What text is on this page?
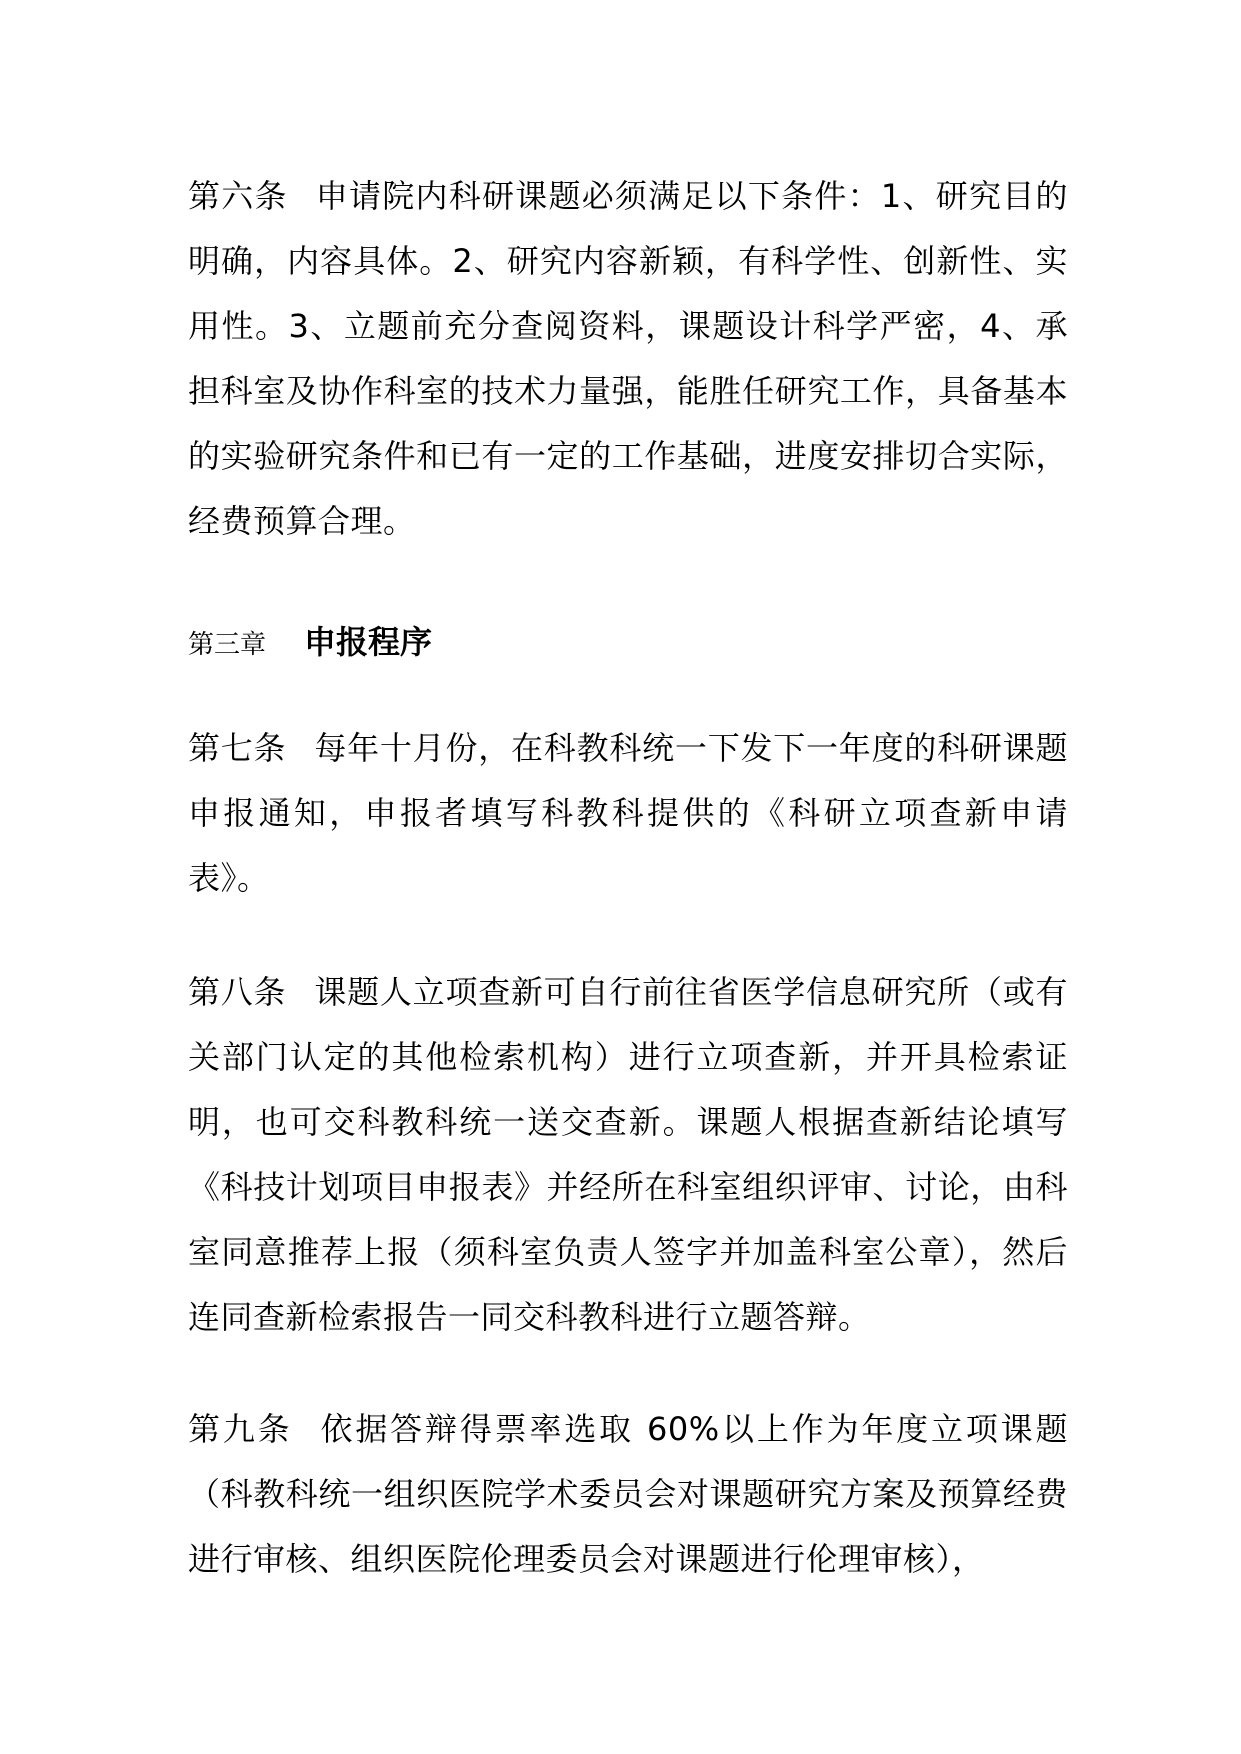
第六条 申请院内科研课题必须满足以下条件：1、研究目的明确，内容具体。2、研究内容新颖，有科学性、创新性、实用性。3、立题前充分查阅资料，课题设计科学严密，4、承担科室及协作科室的技术力量强，能胜任研究工作，具备基本的实验研究条件和已有一定的工作基础，进度安排切合实际，经费预算合理。

第三章 申报程序

第七条 每年十月份，在科教科统一下发下一年度的科研课题申报通知，申报者填写科教科提供的《科研立项查新申请表》。

第八条 课题人立项查新可自行前往省医学信息研究所（或有关部门认定的其他检索机构）进行立项查新，并开具检索证明，也可交科教科统一送交查新。课题人根据查新结论填写《科技计划项目申报表》并经所在科室组织评审、讨论，由科室同意推荐上报（须科室负责人签字并加盖科室公章），然后连同查新检索报告一同交科教科进行立题答辩。

第九条 依据答辩得票率选取 60%以上作为年度立项课题（科教科统一组织医院学术委员会对课题研究方案及预算经费进行审核、组织医院伦理委员会对课题进行伦理审核），
